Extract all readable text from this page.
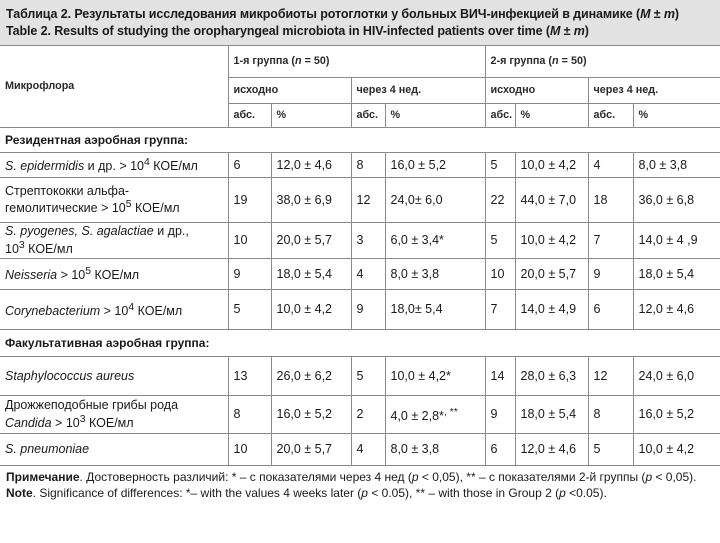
Таблица 2. Результаты исследования микробиоты ротоглотки у больных ВИЧ-инфекцией в динамике (M ± m)
Table 2. Results of studying the oropharyngeal microbiota in HIV-infected patients over time (M ± m)
Микрофлора	1-я группа (n = 50)				2-я группа (n = 50)			
	исходно		через 4 нед.		исходно		через 4 нед.	
	абс.	%	абс.	%	абс.	%	абс.	%
Резидентная аэробная группа:								
S. epidermidis и др. > $10^4$ КОЕ/мл	6	12,0 ± 4,6	8	16,0 ± 5,2	5	10,0 ± 4,2	4	8,0 ± 3,8
Стрептококки альфа-
гемолитические > $10^5$ КОЕ/мл	19	38,0 ± 6,9	12	24,0± 6,0	22	44,0 ± 7,0	18	36,0 ± 6,8
S. pyogenes, S. agalactiae и др.,
$10^3$ КОЕ/мл	10	20,0 ± 5,7	3	6,0 ± 3,4*	5	10,0 ± 4,2	7	14,0 ± 4 ,9
Neisseria > $10^5$ КОЕ/мл	9	18,0 ± 5,4	4	8,0 ± 3,8	10	20,0 ± 5,7	9	18,0 ± 5,4
Corynebacterium > $10^4$ КОЕ/мл	5	10,0 ± 4,2	9	18,0± 5,4	7	14,0 ± 4,9	6	12,0 ± 4,6
Факультативная аэробная группа:								
Staphylococcus aureus	13	26,0 ± 6,2	5	10,0 ± 4,2*	14	28,0 ± 6,3	12	24,0 ± 6,0
Дрожжеподобные грибы рода
Candida > $10^3$ КОЕ/мл	8	16,0 ± 5,2	2	4,0 ± 2,8*, **	9	18,0 ± 5,4	8	16,0 ± 5,2
S. pneumoniae	10	20,0 ± 5,7	4	8,0 ± 3,8	6	12,0 ± 4,6	5	10,0 ± 4,2

Примечание. Достоверность различий: * – с показателями через 4 нед (p < 0,05), ** – с показателями 2-й группы (p < 0,05).

Note. Significance of differences: *– with the values 4 weeks later (p < 0.05), ** – with those in Group 2 (p <0.05).
